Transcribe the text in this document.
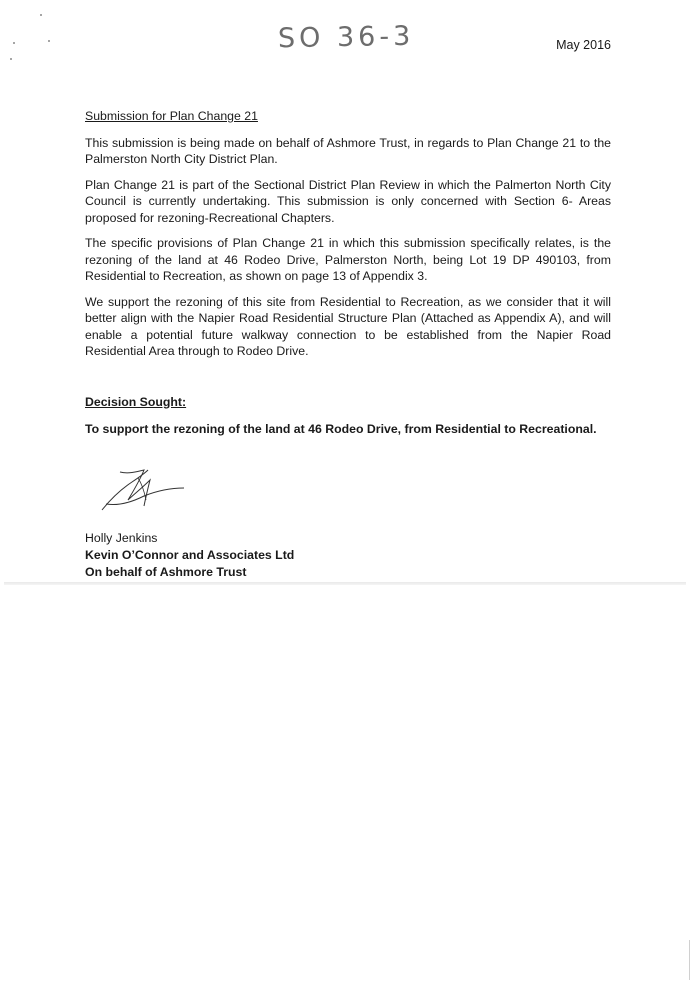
SO 36-3	May 2016
Submission for Plan Change 21

This submission is being made on behalf of Ashmore Trust, in regards to Plan Change 21 to the Palmerston North City District Plan.

Plan Change 21 is part of the Sectional District Plan Review in which the Palmerton North City Council is currently undertaking. This submission is only concerned with Section 6- Areas proposed for rezoning-Recreational Chapters.

The specific provisions of Plan Change 21 in which this submission specifically relates, is the rezoning of the land at 46 Rodeo Drive, Palmerston North, being Lot 19 DP 490103, from Residential to Recreation, as shown on page 13 of Appendix 3.

We support the rezoning of this site from Residential to Recreation, as we consider that it will better align with the Napier Road Residential Structure Plan (Attached as Appendix A), and will enable a potential future walkway connection to be established from the Napier Road Residential Area through to Rodeo Drive.

Decision Sought:

To support the rezoning of the land at 46 Rodeo Drive, from Residential to Recreational.

Holly Jenkins
Kevin O’Connor and Associates Ltd
On behalf of Ashmore Trust
